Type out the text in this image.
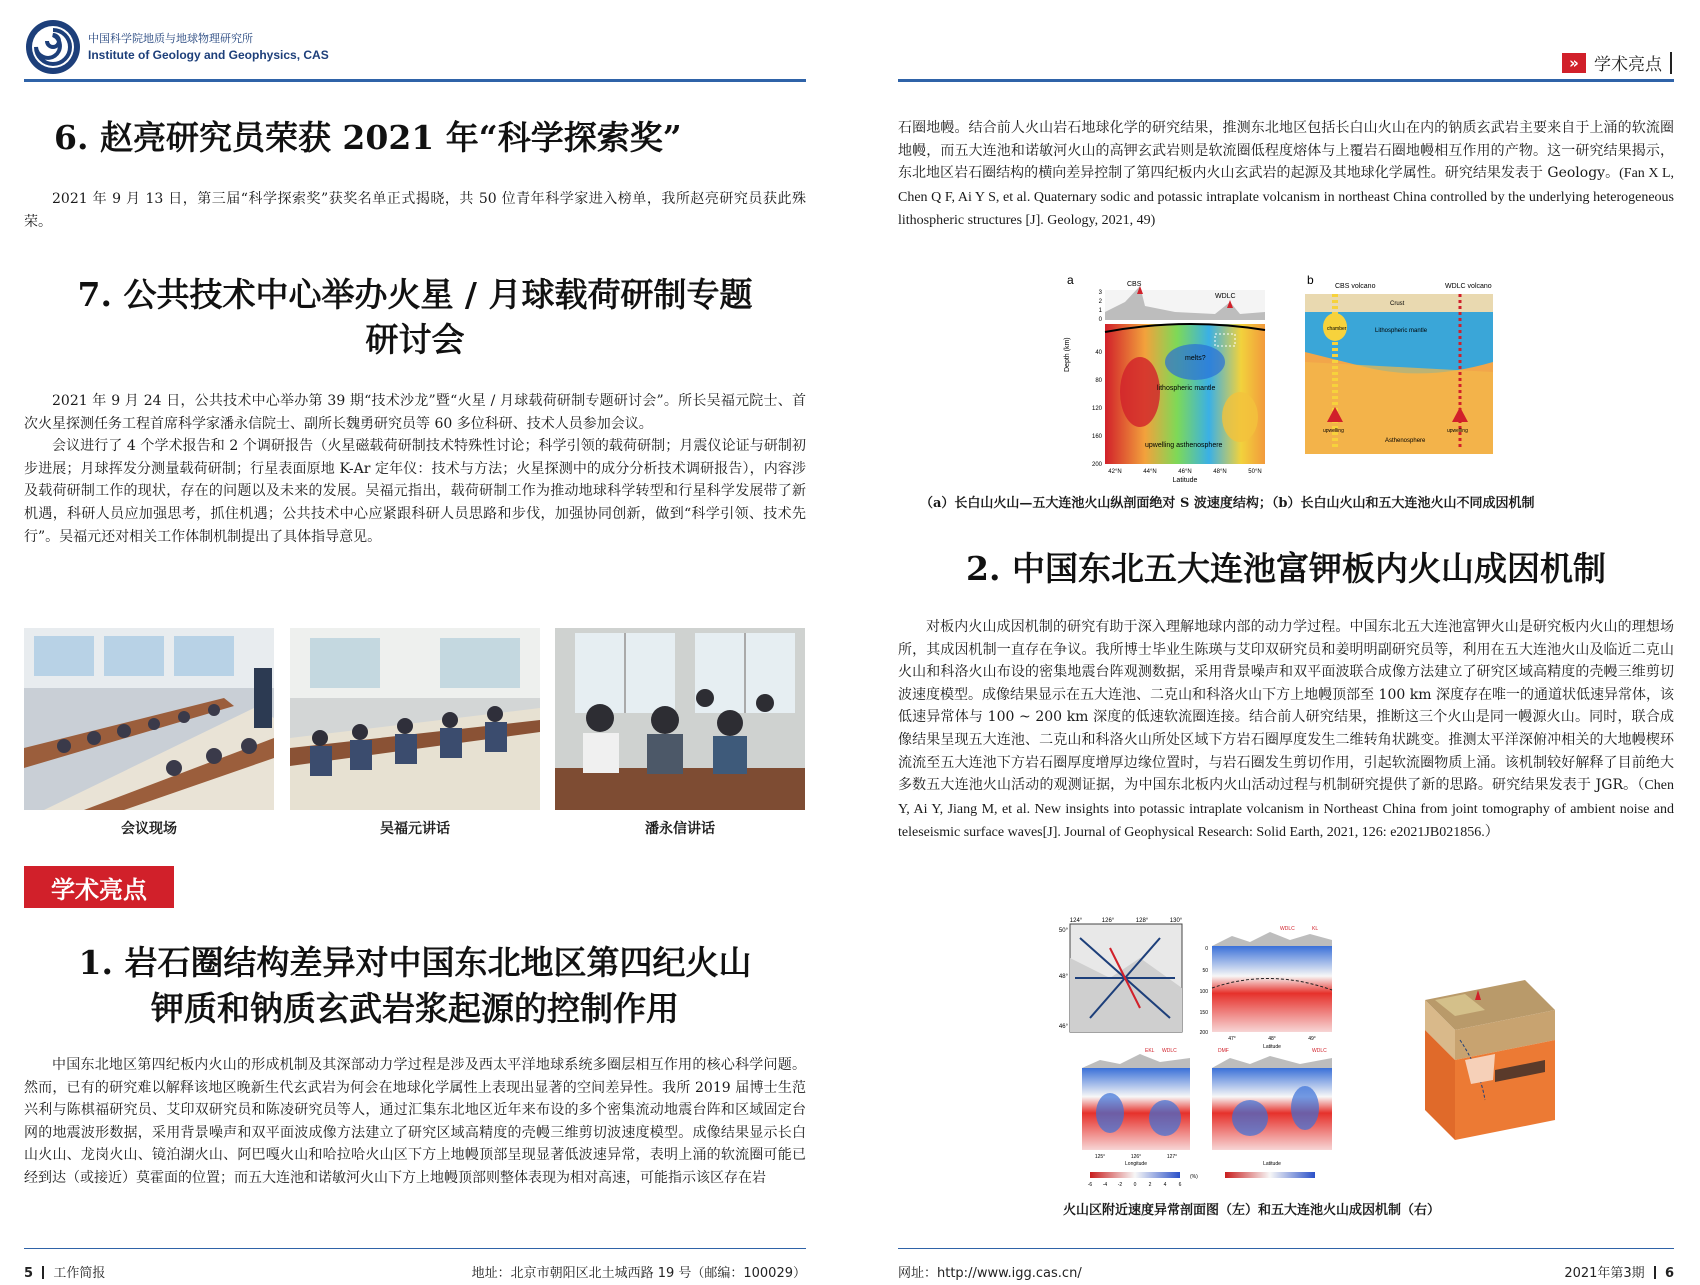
中国科学院地质与地球物理研究所
Institute of Geology and Geophysics, CAS
6. 赵亮研究员荣获 2021 年“科学探索奖”

2021 年 9 月 13 日，第三届“科学探索奖”获奖名单正式揭晓，共 50 位青年科学家进入榜单，我所赵亮研究员获此殊荣。

7. 公共技术中心举办火星 / 月球载荷研制专题
研讨会

2021 年 9 月 24 日，公共技术中心举办第 39 期“技术沙龙”暨“火星 / 月球载荷研制专题研讨会”。所长吴福元院士、首次火星探测任务工程首席科学家潘永信院士、副所长魏勇研究员等 60 多位科研、技术人员参加会议。

会议进行了 4 个学术报告和 2 个调研报告（火星磁载荷研制技术特殊性讨论；科学引领的载荷研制；月震仪论证与研制初步进展；月球挥发分测量载荷研制；行星表面原地 K-Ar 定年仪：技术与方法；火星探测中的成分分析技术调研报告），内容涉及载荷研制工作的现状，存在的问题以及未来的发展。吴福元指出，载荷研制工作为推动地球科学转型和行星科学发展带了新机遇，科研人员应加强思考，抓住机遇；公共技术中心应紧跟科研人员思路和步伐，加强协同创新，做到“科学引领、技术先行”。吴福元还对相关工作体制机制提出了具体指导意见。

会议现场	吴福元讲话	潘永信讲话
学术亮点
1. 岩石圈结构差异对中国东北地区第四纪火山
钾质和钠质玄武岩浆起源的控制作用

中国东北地区第四纪板内火山的形成机制及其深部动力学过程是涉及西太平洋地球系统多圈层相互作用的核心科学问题。然而，已有的研究难以解释该地区晚新生代玄武岩为何会在地球化学属性上表现出显著的空间差异性。我所 2019 届博士生范兴利与陈棋福研究员、艾印双研究员和陈凌研究员等人，通过汇集东北地区近年来布设的多个密集流动地震台阵和区域固定台网的地震波形数据，采用背景噪声和双平面波成像方法建立了研究区域高精度的壳幔三维剪切波速度模型。成像结果显示长白山火山、龙岗火山、镜泊湖火山、阿巴嘎火山和哈拉哈火山区下方上地幔顶部呈现显著低波速异常，表明上涌的软流圈可能已经到达（或接近）莫霍面的位置；而五大连池和诺敏河火山下方上地幔顶部则整体表现为相对高速，可能指示该区存在岩

5 工作简报	地址：北京市朝阳区北土城西路 19 号（邮编：100029）
» 学术亮点

石圈地幔。结合前人火山岩石地球化学的研究结果，推测东北地区包括长白山火山在内的钠质玄武岩主要来自于上涌的软流圈地幔，而五大连池和诺敏河火山的高钾玄武岩则是软流圈低程度熔体与上覆岩石圈地幔相互作用的产物。这一研究结果揭示，东北地区岩石圈结构的横向差异控制了第四纪板内火山玄武岩的起源及其地球化学属性。研究结果发表于 Geology。(Fan X L, Chen Q F, Ai Y S, et al. Quaternary sodic and potassic intraplate volcanism in northeast China controlled by the underlying heterogeneous lithospheric structures [J]. Geology, 2021, 49)

a	CBS
WDLC
melts?
lithospheric mantle
upwelling asthenosphere
Depth (km)
3
2
1
0
40
80
120
160
200
42°N	44°N	46°N	48°N	50°N
Latitude
b	CBS volcano	WDLC volcano
Crust
Lithospheric mantle
Asthenosphere
chamber
upwelling	upwelling
（a）长白山火山—五大连池火山纵剖面绝对 S 波速度结构；（b）长白山火山和五大连池火山不同成因机制
2. 中国东北五大连池富钾板内火山成因机制

对板内火山成因机制的研究有助于深入理解地球内部的动力学过程。中国东北五大连池富钾火山是研究板内火山的理想场所，其成因机制一直存在争议。我所博士毕业生陈瑛与艾印双研究员和姜明明副研究员等，利用在五大连池火山及临近二克山火山和科洛火山布设的密集地震台阵观测数据，采用背景噪声和双平面波联合成像方法建立了研究区域高精度的壳幔三维剪切波速度模型。成像结果显示在五大连池、二克山和科洛火山下方上地幔顶部至 100 km 深度存在唯一的通道状低速异常体，该低速异常体与 100 ~ 200 km 深度的低速软流圈连接。结合前人研究结果，推断这三个火山是同一幔源火山。同时，联合成像结果呈现五大连池、二克山和科洛火山所处区域下方岩石圈厚度发生二维转角状跳变。推测太平洋深俯冲相关的大地幔楔环流流至五大连池下方岩石圈厚度增厚边缘位置时，与岩石圈发生剪切作用，引起软流圈物质上涌。该机制较好解释了目前绝大多数五大连池火山活动的观测证据，为中国东北板内火山活动过程与机制研究提供了新的思路。研究结果发表于 JGR。（Chen Y, Ai Y, Jiang M, et al. New insights into potassic intraplate volcanism in Northeast China from joint tomography of ambient noise and teleseismic surface waves[J]. Journal of Geophysical Research: Solid Earth, 2021, 126: e2021JB021856.）

124°	126°	128°	130°
50°
48°
46°
WDLC	KL
47°	48°	49°
Latitude
0
50
100
150
200
EKL WDLC
125°	126°	127°
Longitude
DMF	WDLC
Latitude
-6 -4 -2 0 2 4 6
(%)
火山区附近速度异常剖面图（左）和五大连池火山成因机制（右）
网址：http://www.igg.cas.cn/	2021年第3期 6
